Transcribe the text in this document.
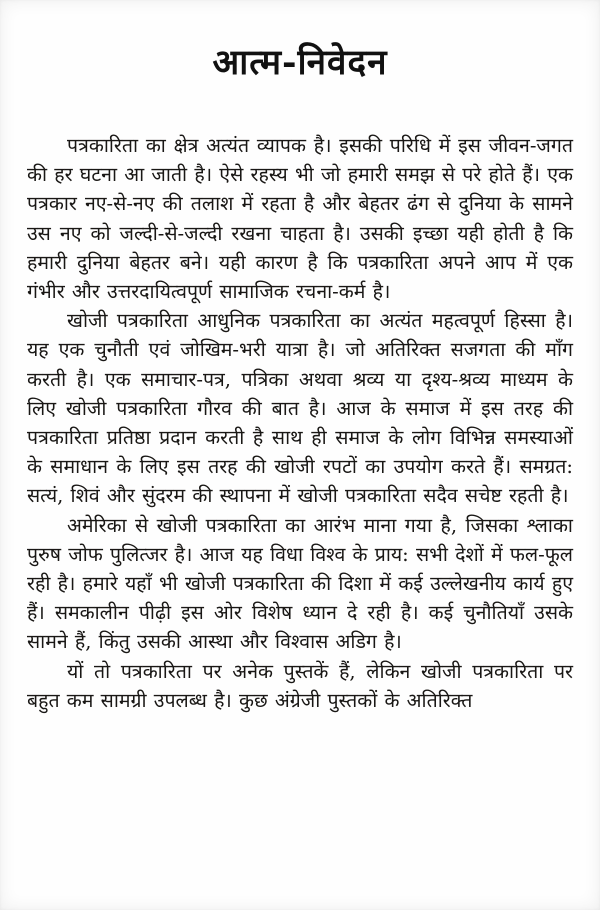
आत्म-निवेदन

पत्रकारिता का क्षेत्र अत्यंत व्यापक है। इसकी परिधि में इस जीवन-जगत की हर घटना आ जाती है। ऐसे रहस्य भी जो हमारी समझ से परे होते हैं। एक पत्रकार नए-से-नए की तलाश में रहता है और बेहतर ढंग से दुनिया के सामने उस नए को जल्दी-से-जल्दी रखना चाहता है। उसकी इच्छा यही होती है कि हमारी दुनिया बेहतर बने। यही कारण है कि पत्रकारिता अपने आप में एक गंभीर और उत्तरदायित्वपूर्ण सामाजिक रचना-कर्म है।

खोजी पत्रकारिता आधुनिक पत्रकारिता का अत्यंत महत्वपूर्ण हिस्सा है। यह एक चुनौती एवं जोखिम-भरी यात्रा है। जो अतिरिक्त सजगता की माँग करती है। एक समाचार-पत्र, पत्रिका अथवा श्रव्य या दृश्य-श्रव्य माध्यम के लिए खोजी पत्रकारिता गौरव की बात है। आज के समाज में इस तरह की पत्रकारिता प्रतिष्ठा प्रदान करती है साथ ही समाज के लोग विभिन्न समस्याओं के समाधान के लिए इस तरह की खोजी रपटों का उपयोग करते हैं। समग्रत: सत्यं, शिवं और सुंदरम की स्थापना में खोजी पत्रकारिता सदैव सचेष्ट रहती है।

अमेरिका से खोजी पत्रकारिता का आरंभ माना गया है, जिसका श्लाका पुरुष जोफ पुलित्जर है। आज यह विधा विश्व के प्राय: सभी देशों में फल-फूल रही है। हमारे यहाँ भी खोजी पत्रकारिता की दिशा में कई उल्लेखनीय कार्य हुए हैं। समकालीन पीढ़ी इस ओर विशेष ध्यान दे रही है। कई चुनौतियाँ उसके सामने हैं, किंतु उसकी आस्था और विश्वास अडिग है।

यों तो पत्रकारिता पर अनेक पुस्तकें हैं, लेकिन खोजी पत्रकारिता पर बहुत कम सामग्री उपलब्ध है। कुछ अंग्रेजी पुस्तकों के अतिरिक्त
